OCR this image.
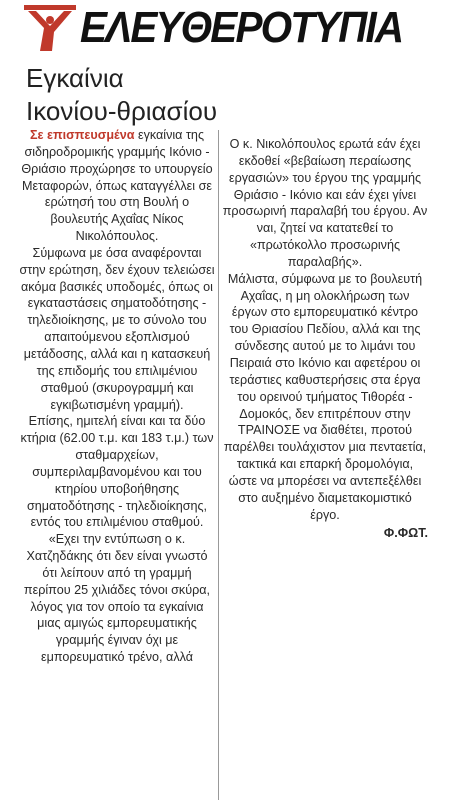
ΕΛΕΥΘΕΡΟΤΥΠΙΑ
Εγκαίνια
Ικονίου-θριασίου

Σε επισπευσμένα εγκαίνια της σιδηροδρομικής γραμμής Ικόνιο - Θριάσιο προχώρησε το υπουργείο Μεταφορών, όπως καταγγέλλει σε ερώτησή του στη Βουλή ο βουλευτής Αχαΐας Νίκος Νικολόπουλος.

Σύμφωνα με όσα αναφέρονται στην ερώτηση, δεν έχουν τελειώσει ακόμα βασικές υποδομές, όπως οι εγκαταστάσεις σηματοδότησης - τηλεδιοίκησης, με το σύνολο του απαιτούμενου εξοπλισμού μετάδοσης, αλλά και η κατασκευή της επιδομής του επιλιμένιου σταθμού (σκυρογραμμή και εγκιβωτισμένη γραμμή).

Επίσης, ημιτελή είναι και τα δύο κτήρια (62.00 τ.μ. και 183 τ.μ.) των σταθμαρχείων, συμπεριλαμβανομένου και του κτηρίου υποβοήθησης σηματοδότησης - τηλεδιοίκησης, εντός του επιλιμένιου σταθμού.

«Εχει την εντύπωση ο κ. Χατζηδάκης ότι δεν είναι γνωστό ότι λείπουν από τη γραμμή περίπου 25 χιλιάδες τόνοι σκύρα, λόγος για τον οποίο τα εγκαίνια μιας αμιγώς εμπορευματικής γραμμής έγιναν όχι με εμπορευματικό τρένο, αλλά

Ο κ. Νικολόπουλος ερωτά εάν έχει εκδοθεί «βεβαίωση περαίωσης εργασιών» του έργου της γραμμής Θριάσιο - Ικόνιο και εάν έχει γίνει προσωρινή παραλαβή του έργου. Αν ναι, ζητεί να κατατεθεί το «πρωτόκολλο προσωρινής παραλαβής».

Μάλιστα, σύμφωνα με το βουλευτή Αχαΐας, η μη ολοκλήρωση των έργων στο εμπορευματικό κέντρο του Θριασίου Πεδίου, αλλά και της σύνδεσης αυτού με το λιμάνι του Πειραιά στο Ικόνιο και αφετέρου οι τεράστιες καθυστερήσεις στα έργα του ορεινού τμήματος Τιθορέα - Δομοκός, δεν επιτρέπουν στην ΤΡΑΙΝΟΣΕ να διαθέτει, προτού παρέλθει τουλάχιστον μια πενταετία, τακτικά και επαρκή δρομολόγια, ώστε να μπορέσει να αντεπεξέλθει στο αυξημένο διαμετακομιστικό έργο.

Φ.ΦΩΤ.
